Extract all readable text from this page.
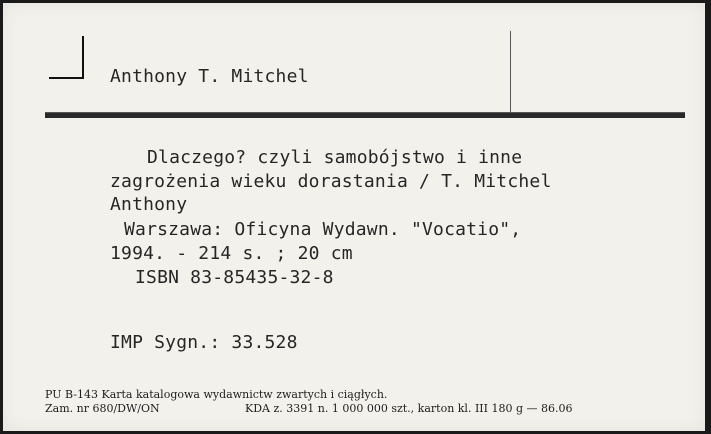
Anthony T. Mitchel
Dlaczego? czyli samobójstwo i inne
zagrożenia wieku dorastania / T. Mitchel
Anthony
Warszawa: Oficyna Wydawn. "Vocatio",
1994. - 214 s. ; 20 cm
ISBN 83-85435-32-8
IMP Sygn.: 33.528
PU B-143 Karta katalogowa wydawnictw zwartych i ciągłych.
Zam. nr 680/DW/ON	KDA z. 3391 n. 1 000 000 szt., karton kl. III 180 g — 86.06
